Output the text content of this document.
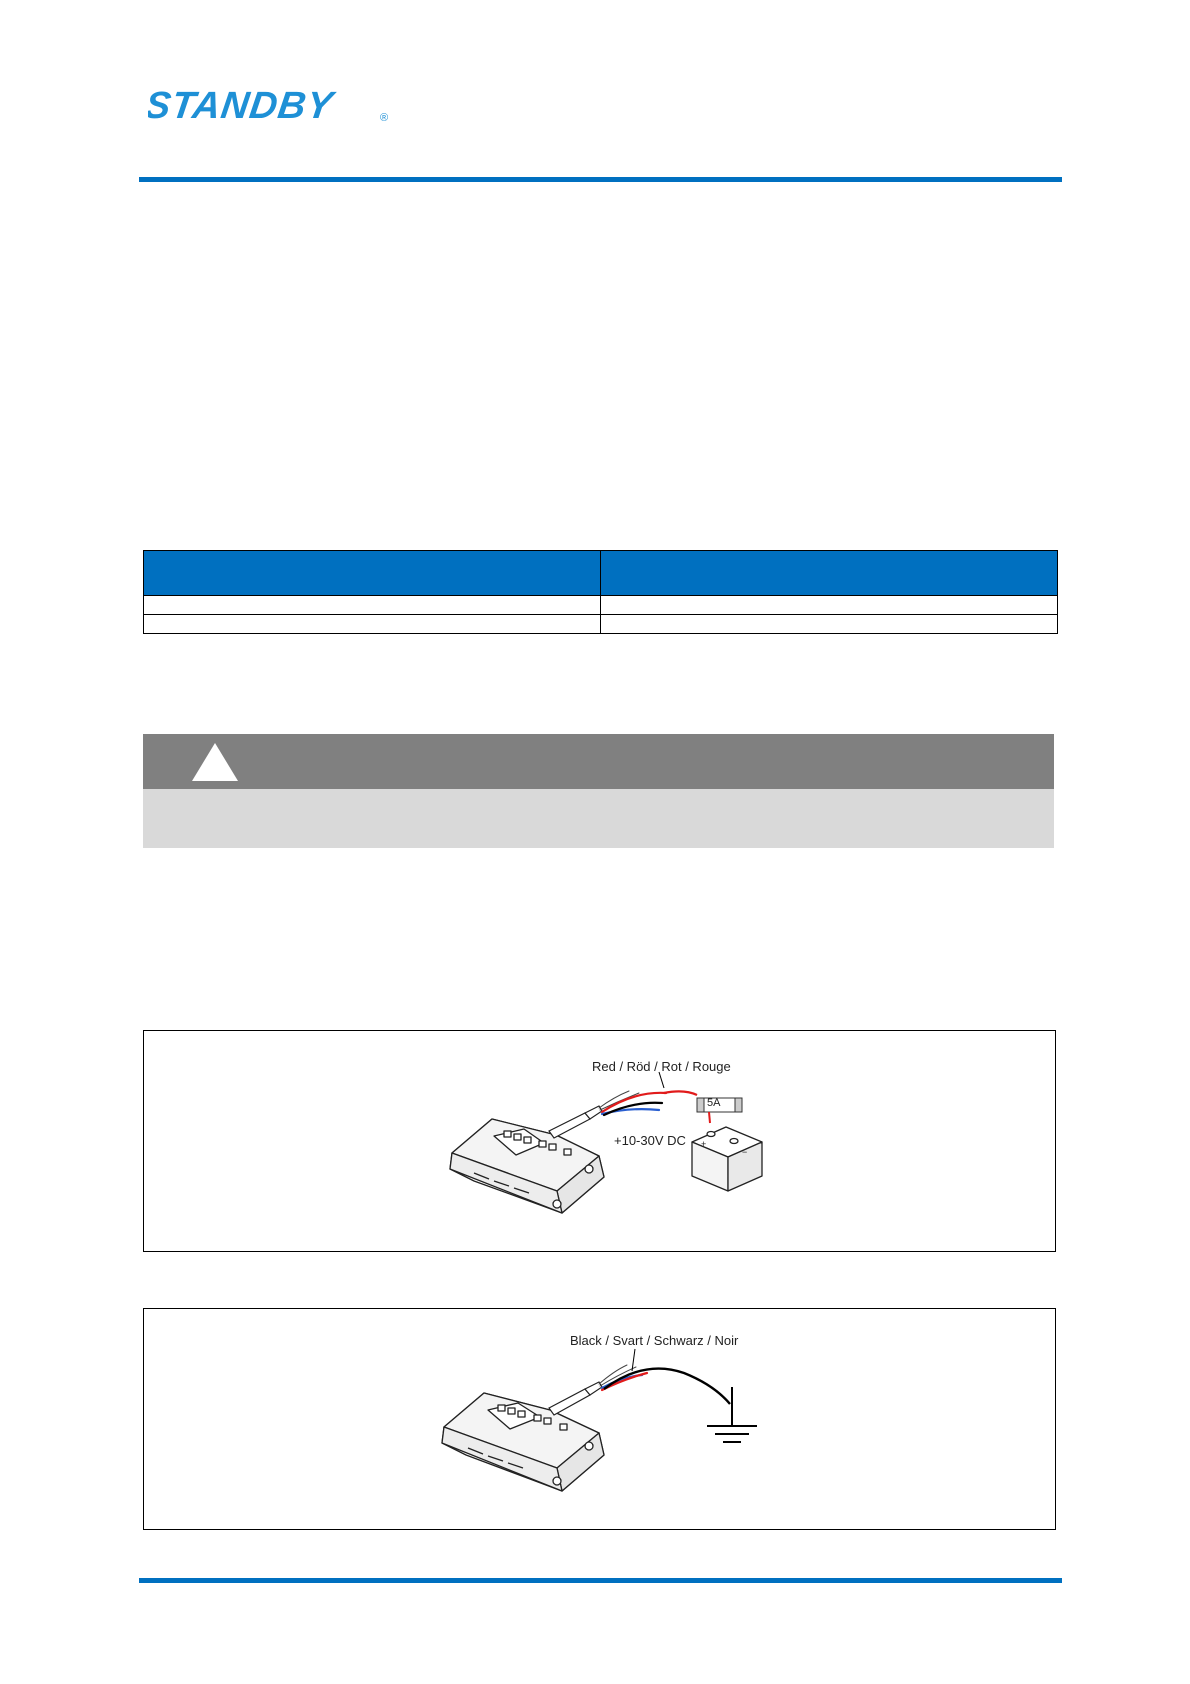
STANDBY	®

+
−
Red / Röd / Rot / Rouge
5A
+10-30V DC
Black / Svart / Schwarz / Noir
